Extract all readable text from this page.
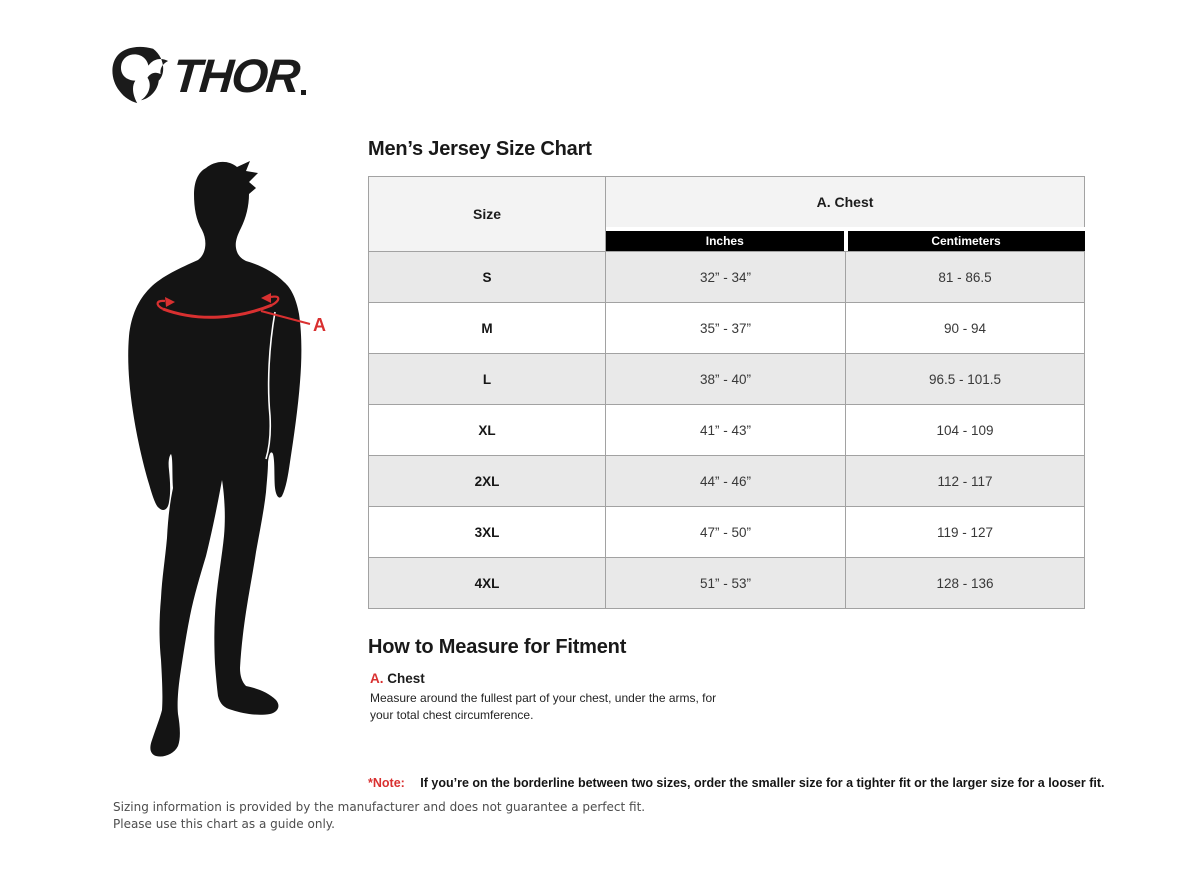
THOR
A
Men’s Jersey Size Chart
Size	A. Chest	

	Inches	Centimeters

S	32” - 34”	81 - 86.5
M	35” - 37”	90 - 94
L	38” - 40”	96.5 - 101.5
XL	41” - 43”	104 - 109
2XL	44” - 46”	112 - 117
3XL	47” - 50”	119 - 127
4XL	51” - 53”	128 - 136
How to Measure for Fitment
A. Chest

Measure around the fullest part of your chest, under the arms, for your total chest circumference.

*Note: If you’re on the borderline between two sizes, order the smaller size for a tighter fit or the larger size for a looser fit.

Sizing information is provided by the manufacturer and does not guarantee a perfect fit.
Please use this chart as a guide only.
